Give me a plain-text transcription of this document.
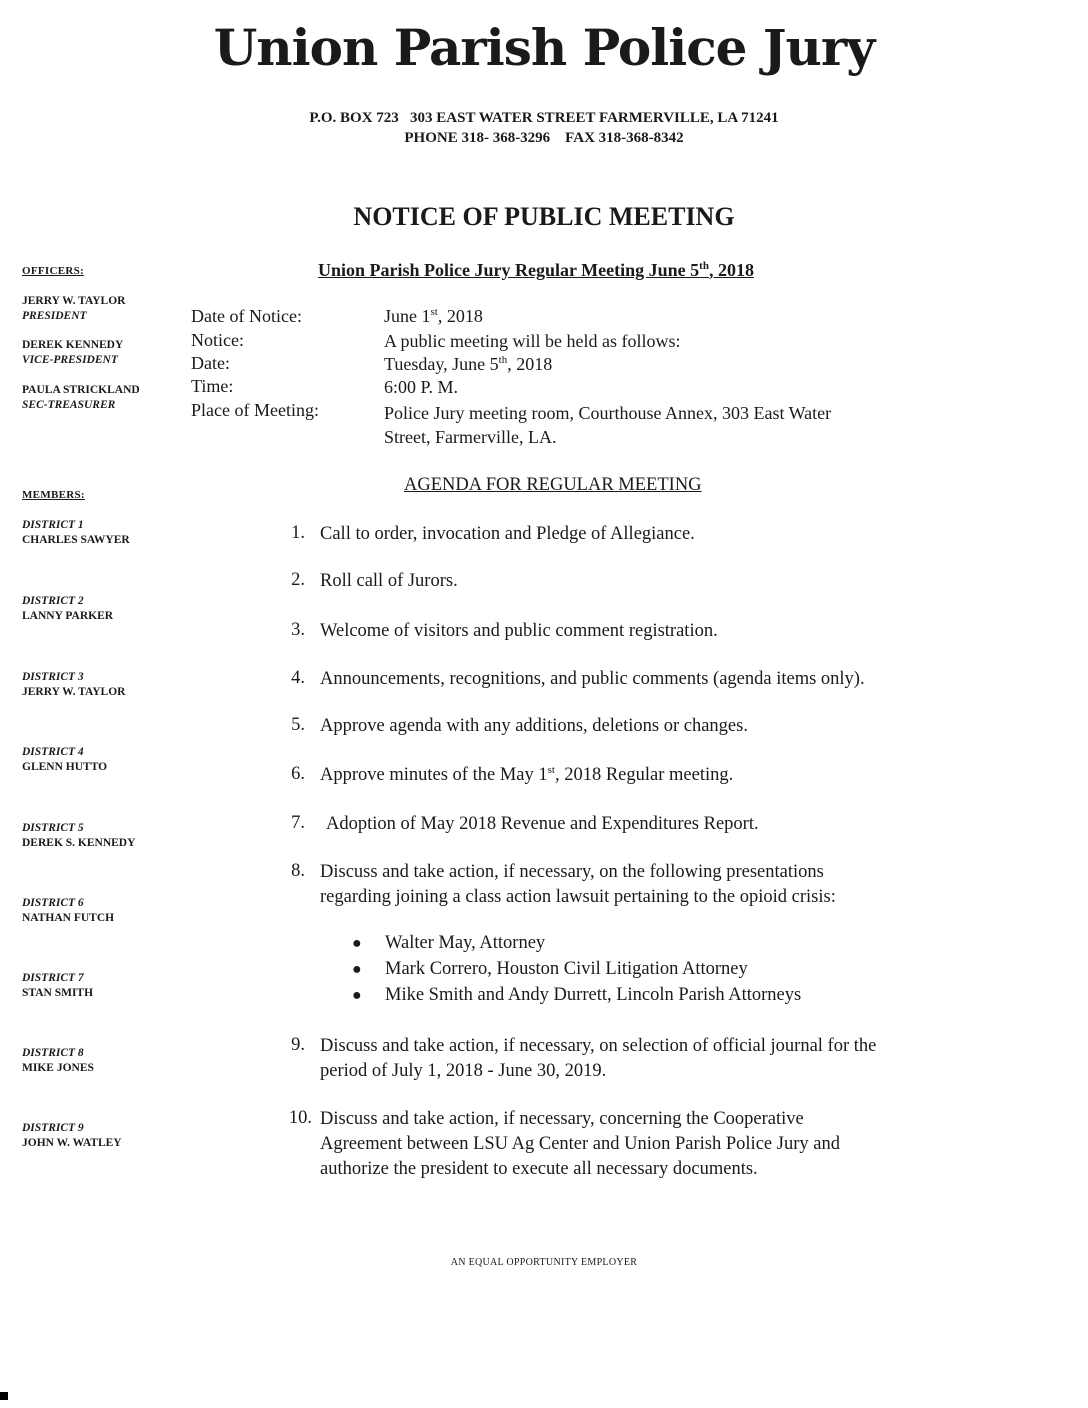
Union Parish Police Jury
P.O. BOX 723   303 EAST WATER STREET FARMERVILLE, LA 71241
PHONE 318- 368-3296    FAX 318-368-8342
NOTICE OF PUBLIC MEETING
Union Parish Police Jury Regular Meeting June 5th, 2018
OFFICERS:
JERRY W. TAYLOR
PRESIDENT
DEREK KENNEDY
VICE-PRESIDENT
PAULA STRICKLAND
SEC-TREASURER
MEMBERS:
DISTRICT 1
CHARLES SAWYER
DISTRICT 2
LANNY PARKER
DISTRICT 3
JERRY W. TAYLOR
DISTRICT 4
GLENN HUTTO
DISTRICT 5
DEREK S. KENNEDY
DISTRICT 6
NATHAN FUTCH
DISTRICT 7
STAN SMITH
DISTRICT 8
MIKE JONES
DISTRICT 9
JOHN W. WATLEY
Date of Notice:	June 1st, 2018
Notice:	A public meeting will be held as follows:
Date:	Tuesday, June 5th, 2018
Time:	6:00 P. M.
Place of Meeting:	Police Jury meeting room, Courthouse Annex, 303 East Water
Street, Farmerville, LA.
AGENDA FOR REGULAR MEETING
1. Call to order, invocation and Pledge of Allegiance.
2. Roll call of Jurors.
3. Welcome of visitors and public comment registration.
4. Announcements, recognitions, and public comments (agenda items only).
5. Approve agenda with any additions, deletions or changes.
6. Approve minutes of the May 1st, 2018 Regular meeting.
7. Adoption of May 2018 Revenue and Expenditures Report.
8. Discuss and take action, if necessary, on the following presentations
regarding joining a class action lawsuit pertaining to the opioid crisis:
● Walter May, Attorney
● Mark Correro, Houston Civil Litigation Attorney
● Mike Smith and Andy Durrett, Lincoln Parish Attorneys
9. Discuss and take action, if necessary, on selection of official journal for the
period of July 1, 2018 - June 30, 2019.
10. Discuss and take action, if necessary, concerning the Cooperative
Agreement between LSU Ag Center and Union Parish Police Jury and
authorize the president to execute all necessary documents.
AN EQUAL OPPORTUNITY EMPLOYER
